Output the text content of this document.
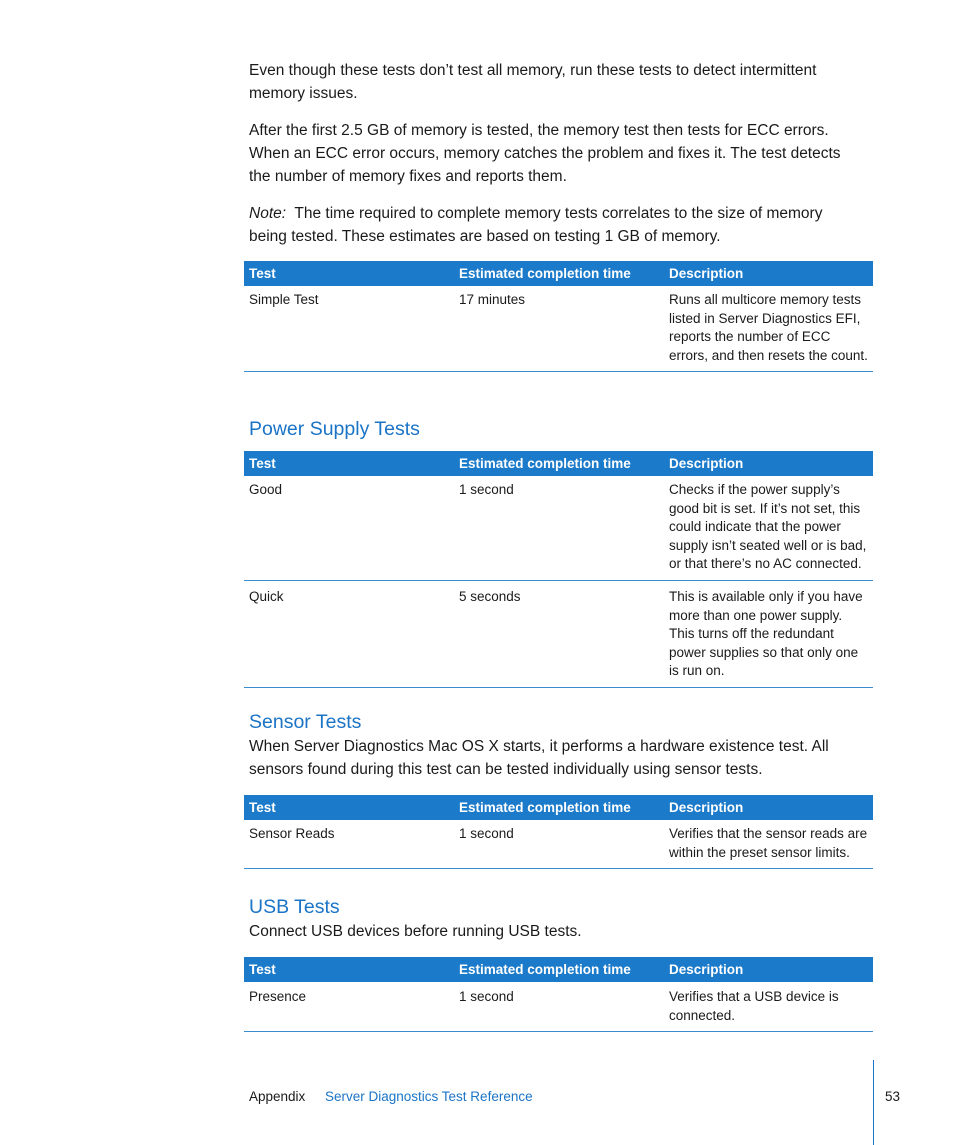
Even though these tests don’t test all memory, run these tests to detect intermittent memory issues.

After the first 2.5 GB of memory is tested, the memory test then tests for ECC errors. When an ECC error occurs, memory catches the problem and fixes it. The test detects the number of memory fixes and reports them.

Note: The time required to complete memory tests correlates to the size of memory being tested. These estimates are based on testing 1 GB of memory.

Test	Estimated completion time	Description
Simple Test	17 minutes	Runs all multicore memory tests listed in Server Diagnostics EFI, reports the number of ECC errors, and then resets the count.
Power Supply Tests
Test	Estimated completion time	Description
Good	1 second	Checks if the power supply’s good bit is set. If it’s not set, this could indicate that the power supply isn’t seated well or is bad, or that there’s no AC connected.
Quick	5 seconds	This is available only if you have more than one power supply. This turns off the redundant power supplies so that only one is run on.
Sensor Tests

When Server Diagnostics Mac OS X starts, it performs a hardware existence test. All sensors found during this test can be tested individually using sensor tests.

Test	Estimated completion time	Description
Sensor Reads	1 second	Verifies that the sensor reads are within the preset sensor limits.
USB Tests

Connect USB devices before running USB tests.

Test	Estimated completion time	Description
Presence	1 second	Verifies that a USB device is connected.
Appendix Server Diagnostics Test Reference	53
